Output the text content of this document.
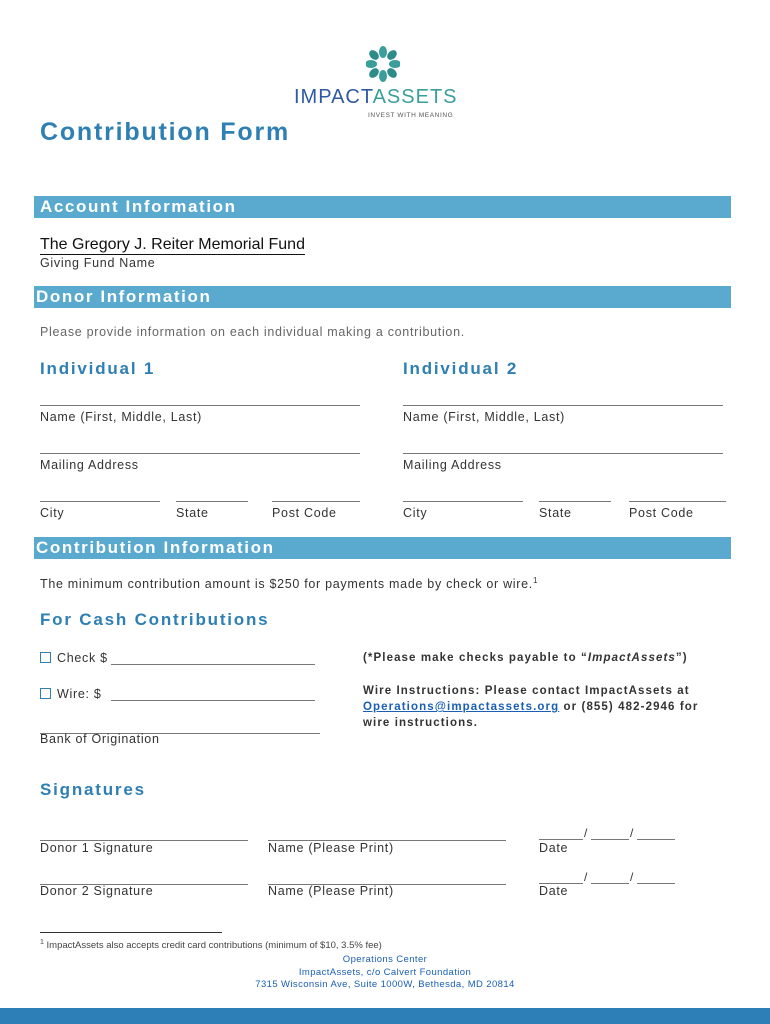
IMPACTASSETS
INVEST WITH MEANING
Contribution Form
Account Information
The Gregory J. Reiter Memorial Fund
Giving Fund Name
Donor Information
Please provide information on each individual making a contribution.
Individual 1
Name (First, Middle, Last)
Mailing Address
City	State	Post Code
Individual 2
Name (First, Middle, Last)
Mailing Address
City	State	Post Code
Contribution Information
The minimum contribution amount is $250 for payments made by check or wire.$^1$
For Cash Contributions
Check $
Wire: $
Bank of Origination
(*Please make checks payable to “ImpactAssets”)
Wire Instructions: Please contact ImpactAssets at Operations@impactassets.org or (855) 482-2946 for wire instructions.
Signatures
/	/
Donor 1 Signature	Name (Please Print)	Date
/	/
Donor 2 Signature	Name (Please Print)	Date
$^1$ ImpactAssets also accepts credit card contributions (minimum of $10, 3.5% fee)
Operations Center
ImpactAssets, c/o Calvert Foundation
7315 Wisconsin Ave, Suite 1000W, Bethesda, MD 20814
